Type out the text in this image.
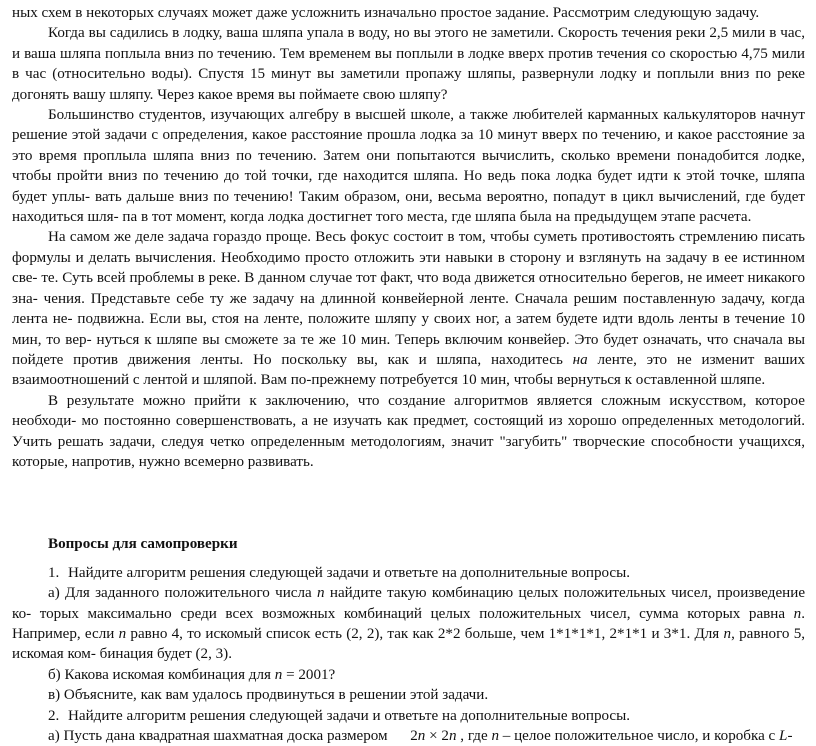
ных схем в некоторых случаях может даже усложнить изначально простое задание. Рассмотрим следующую задачу.

Когда вы садились в лодку, ваша шляпа упала в воду, но вы этого не заметили. Скорость течения реки 2,5 мили в час, и ваша шляпа поплыла вниз по течению. Тем временем вы поплыли в лодке вверх против течения со скоростью 4,75 мили в час (относительно воды). Спустя 15 минут вы заметили пропажу шляпы, развернули лодку и поплыли вниз по реке догонять вашу шляпу. Через какое время вы поймаете свою шляпу?

Большинство студентов, изучающих алгебру в высшей школе, а также любителей карманных калькуляторов начнут решение этой задачи с определения, какое расстояние прошла лодка за 10 минут вверх по течению, и какое расстояние за это время проплыла шляпа вниз по течению. Затем они попытаются вычислить, сколько времени понадобится лодке, чтобы пройти вниз по течению до той точки, где находится шляпа. Но ведь пока лодка будет идти к этой точке, шляпа будет уплы- вать дальше вниз по течению! Таким образом, они, весьма вероятно, попадут в цикл вычислений, где будет находиться шля- па в тот момент, когда лодка достигнет того места, где шляпа была на предыдущем этапе расчета.

На самом же деле задача гораздо проще. Весь фокус состоит в том, чтобы суметь противостоять стремлению писать формулы и делать вычисления. Необходимо просто отложить эти навыки в сторону и взглянуть на задачу в ее истинном све- те. Суть всей проблемы в реке. В данном случае тот факт, что вода движется относительно берегов, не имеет никакого зна- чения. Представьте себе ту же задачу на длинной конвейерной ленте. Сначала решим поставленную задачу, когда лента не- подвижна. Если вы, стоя на ленте, положите шляпу у своих ног, а затем будете идти вдоль ленты в течение 10 мин, то вер- нуться к шляпе вы сможете за те же 10 мин. Теперь включим конвейер. Это будет означать, что сначала вы пойдете против движения ленты. Но поскольку вы, как и шляпа, находитесь на ленте, это не изменит ваших взаимоотношений с лентой и шляпой. Вам по-прежнему потребуется 10 мин, чтобы вернуться к оставленной шляпе.

В результате можно прийти к заключению, что создание алгоритмов является сложным искусством, которое необходи- мо постоянно совершенствовать, а не изучать как предмет, состоящий из хорошо определенных методологий. Учить решать задачи, следуя четко определенным методологиям, значит "загубить" творческие способности учащихся, которые, напротив, нужно всемерно развивать.

Вопросы для самопроверки

1. Найдите алгоритм решения следующей задачи и ответьте на дополнительные вопросы.

а) Для заданного положительного числа n найдите такую комбинацию целых положительных чисел, произведение ко- торых максимально среди всех возможных комбинаций целых положительных чисел, сумма которых равна n. Например, если n равно 4, то искомый список есть (2, 2), так как 2*2 больше, чем 1*1*1*1, 2*1*1 и 3*1. Для n, равного 5, искомая ком- бинация будет (2, 3).

б) Какова искомая комбинация для n = 2001?

в) Объясните, как вам удалось продвинуться в решении этой задачи.

2. Найдите алгоритм решения следующей задачи и ответьте на дополнительные вопросы.

а) Пусть дана квадратная шахматная доска размером 2n × 2n , где n – целое положительное число, и коробка с L-
